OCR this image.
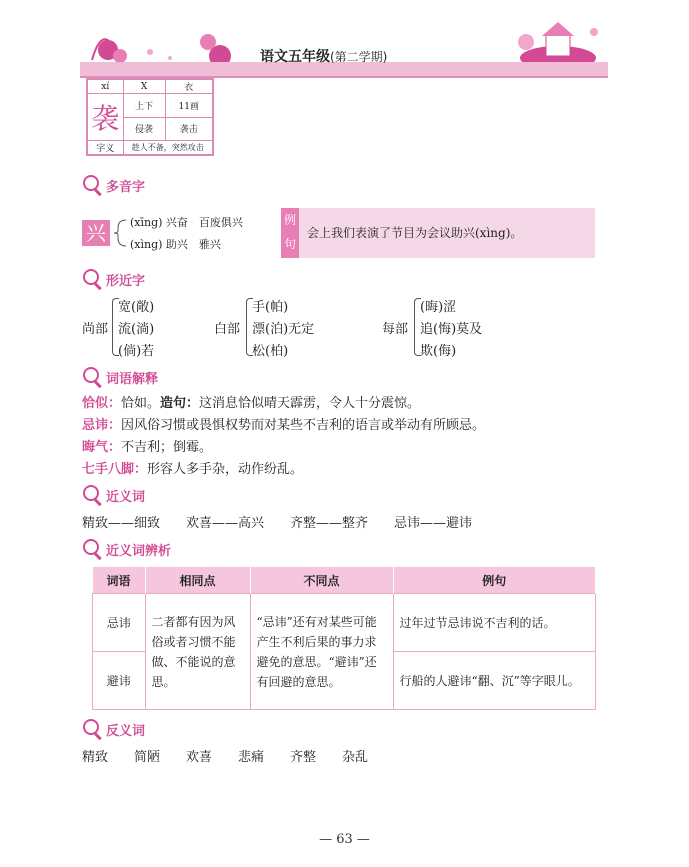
语文五年级(第二学期)
xí	X	衣
袭	上下	11画
	侵袭	袭击
字义	趁人不备，突然攻击	
多音字
兴	(xīng) 兴奋　百废俱兴
(xìng) 助兴　雅兴
例句
会上我们表演了节目为会议助兴(xìng)。
形近字
尚部
宽(敞)
流(淌)
(倘)若
白部
手(帕)
漂(泊)无定
松(柏)
每部
(晦)涩
追(悔)莫及
欺(侮)
词语解释
恰似：恰如。造句：这消息恰似晴天霹雳，令人十分震惊。
忌讳：因风俗习惯或畏惧权势而对某些不吉利的语言或举动有所顾忌。
晦气：不吉利；倒霉。
七手八脚：形容人多手杂，动作纷乱。
近义词
精致——细致　　欢喜——高兴　　齐整——整齐　　忌讳——避讳
近义词辨析
词语	相同点	不同点	例句
忌讳	二者都有因为风俗或者习惯不能做、不能说的意思。	“忌讳”还有对某些可能产生不利后果的事力求避免的意思。“避讳”还有回避的意思。	过年过节忌讳说不吉利的话。
避讳			行船的人避讳“翻、沉”等字眼儿。
反义词
精致　　简陋　　欢喜　　悲痛　　齐整　　杂乱
— 63 —
